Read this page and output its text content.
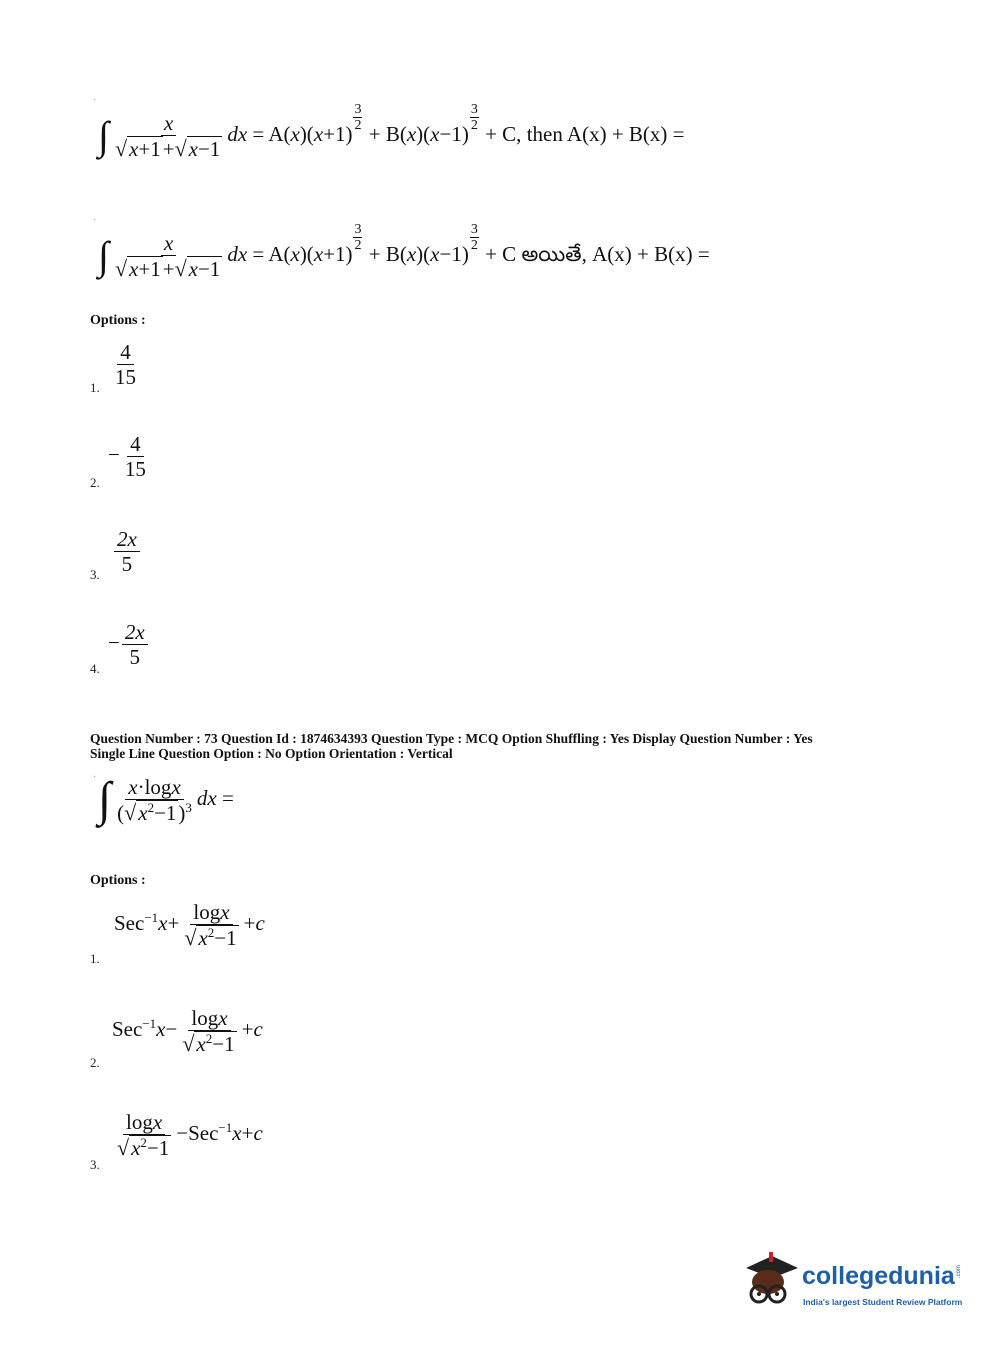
·
∫ $\frac{x}{√x+1+√x-1}$ dx = A(x)(x+1)
$\frac{3}{2}$
+ B(x)(x−1)
$\frac{3}{2}$
+ C, then A(x) + B(x) =
·
∫ $\frac{x}{√x+1+√x-1}$ dx = A(x)(x+1)
$\frac{3}{2}$
+ B(x)(x−1)
$\frac{3}{2}$
+ C అయితే, A(x) + B(x) =
Options :
1. $\frac{4}{15}$
2.
− $\frac{4}{15}$
3. $\frac{2x}{5}$
4.
− $\frac{2x}{5}$
Question Number : 73 Question Id : 1874634393 Question Type : MCQ Option Shuffling : Yes Display Question Number : Yes
Single Line Question Option : No Option Orientation : Vertical
· ∫ $\frac{x\cdot\log x}{(√x^2-1)^3}$ dx =
Options :
1.
$Sec^{-1}x+ \frac{\log x}{√x^2-1} +c$
2.
$Sec^{-1}x- \frac{\log x}{√x^2-1} +c$
3.
$\frac{\log x}{√x^2-1} -Sec^{-1}x+c$
collegedunia .com
India's largest Student Review Platform
